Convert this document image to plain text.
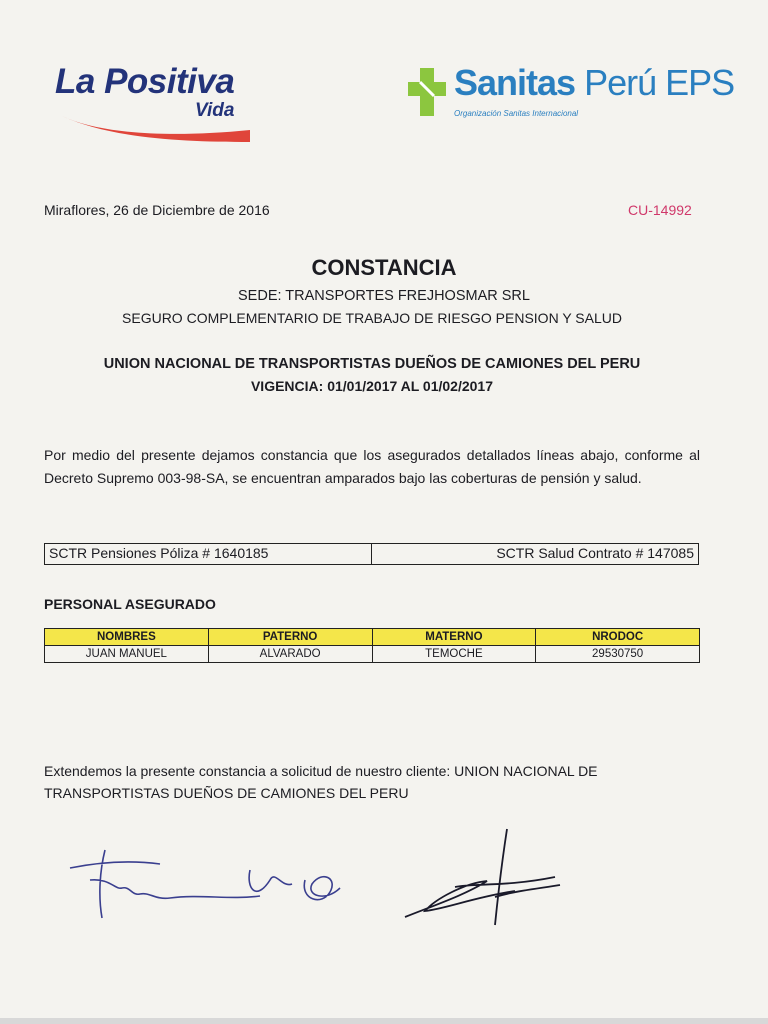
La Positiva
Vida
Sanitas Perú EPS
Organización Sanitas Internacional
Miraflores, 26 de Diciembre de 2016	CU-14992
CONSTANCIA
SEDE: TRANSPORTES FREJHOSMAR SRL
SEGURO COMPLEMENTARIO DE TRABAJO DE RIESGO PENSION Y SALUD
UNION NACIONAL DE TRANSPORTISTAS DUEÑOS DE CAMIONES DEL PERU
VIGENCIA: 01/01/2017 AL 01/02/2017
Por medio del presente dejamos constancia que los asegurados detallados líneas abajo, conforme al Decreto Supremo 003-98-SA, se encuentran amparados bajo las coberturas de pensión y salud.
SCTR Pensiones Póliza # 1640185	SCTR Salud Contrato # 147085
PERSONAL ASEGURADO
NOMBRES	PATERNO	MATERNO	NRODOC
JUAN MANUEL	ALVARADO	TEMOCHE	29530750
Extendemos la presente constancia a solicitud de nuestro cliente: UNION NACIONAL DE TRANSPORTISTAS DUEÑOS DE CAMIONES DEL PERU
